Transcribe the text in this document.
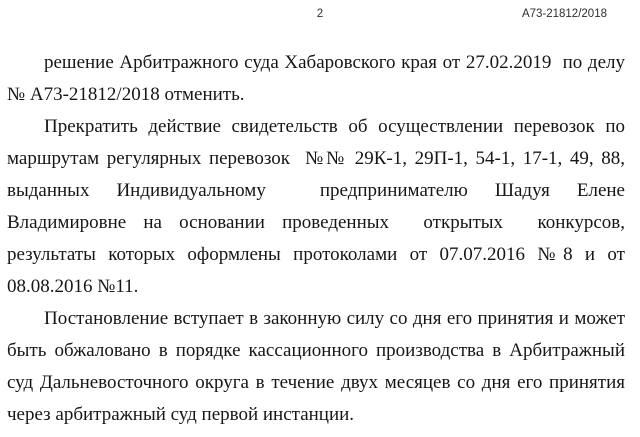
2	А73-21812/2018
решение Арбитражного суда Хабаровского края от 27.02.2019  по делу
№ А73-21812/2018 отменить.
Прекратить действие свидетельств об осуществлении перевозок по
маршрутам регулярных перевозок  №№ 29К-1, 29П-1, 54-1, 17-1, 49, 88,
выданных Индивидуальному  предпринимателю Шадуя Елене
Владимировне на основании проведенных  открытых  конкурсов,
результаты которых оформлены протоколами от 07.07.2016 №8 и от
08.08.2016 №11.
Постановление вступает в законную силу со дня его принятия и может
быть обжаловано в порядке кассационного производства в Арбитражный
суд Дальневосточного округа в течение двух месяцев со дня его принятия
через арбитражный суд первой инстанции.
